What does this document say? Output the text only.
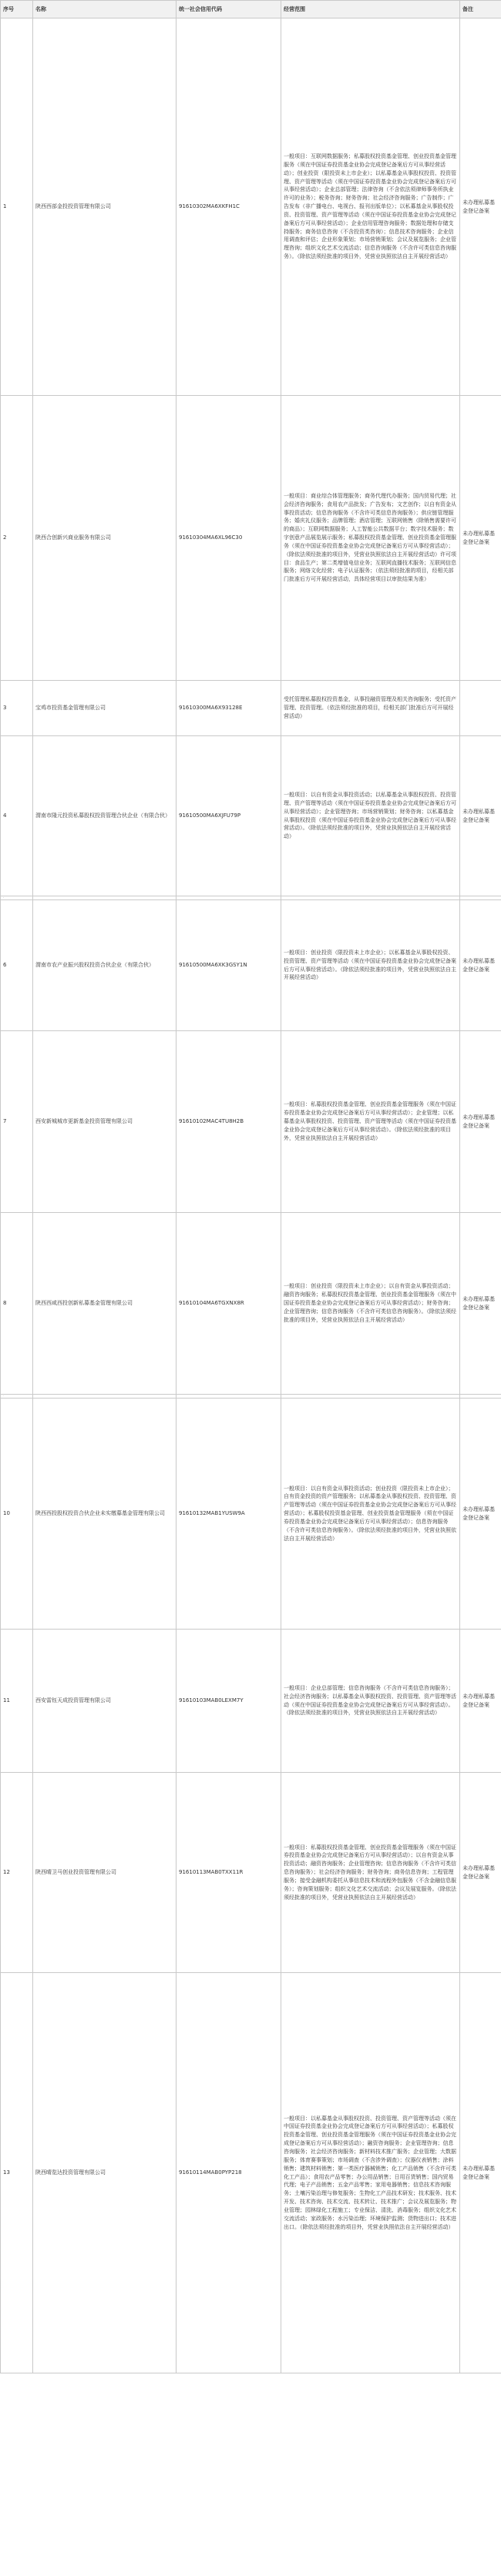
序号	名称	统一社会信用代码	经营范围	备注
1	陕西西部金投投资管理有限公司	91610302MA6XKFH1C	一般项目：互联网数据服务；私募股权投资基金管理、创业投资基金管理服务（须在中国证券投资基金业协会完成登记备案后方可从事经营活动）；创业投资（限投资未上市企业）；以私募基金从事股权投资、投资管理、资产管理等活动（须在中国证券投资基金业协会完成登记备案后方可从事经营活动）；企业总部管理；法律咨询（不含依法须律师事务所执业许可的业务）；税务咨询；财务咨询；社会经济咨询服务；广告制作；广告发布（非广播电台、电视台、报刊出版单位）；以私募基金从事股权投资、投资管理、资产管理等活动（须在中国证券投资基金业协会完成登记备案后方可从事经营活动）；企业信用管理咨询服务；数据处理和存储支持服务；商务信息咨询（不含投资类咨询）；信息技术咨询服务；企业信用调查和评估；企业形象策划；市场营销策划；会议及展览服务；企业管理咨询；组织文化艺术交流活动；信息咨询服务（不含许可类信息咨询服务）。（除依法须经批准的项目外，凭营业执照依法自主开展经营活动）	未办理私募基金登记备案
2	陕西合创新兴商业服务有限公司	91610304MA6XL96C30	一般项目：商业综合体管理服务；商务代理代办服务；国内贸易代理；社会经济咨询服务；食用农产品批发；广告发布；文艺创作；以自有资金从事投资活动；信息咨询服务（不含许可类信息咨询服务）；供应链管理服务；婚庆礼仪服务；品牌管理；酒店管理；互联网销售（除销售需要许可的商品）；互联网数据服务；人工智能公共数据平台；数字技术服务；数字创意产品展览展示服务；私募股权投资基金管理、创业投资基金管理服务（须在中国证券投资基金业协会完成登记备案后方可从事经营活动）；（除依法须经批准的项目外，凭营业执照依法自主开展经营活动）许可项目：食品生产；第二类增值电信业务；互联网直播技术服务；互联网信息服务；网络文化经营；电子认证服务；（依法须经批准的项目，经相关部门批准后方可开展经营活动，具体经营项目以审批结果为准）	未办理私募基金登记备案
3	宝鸡市投资基金管理有限公司	91610300MA6X93128E	受托管理私募股权投资基金，从事投融资管理及相关咨询服务；受托资产管理、投资管理。（依法须经批准的项目，经相关部门批准后方可开展经营活动）	

4	渭南市隆元投资私募股权投资管理合伙企业（有限合伙）	91610500MA6XJFU79P	一般项目：以自有资金从事投资活动；以私募基金从事股权投资、投资管理、资产管理等活动（须在中国证券投资基金业协会完成登记备案后方可从事经营活动）；企业管理咨询；市场营销策划；财务咨询；以私募基金从事股权投资（须在中国证券投资基金业协会完成登记备案后方可从事经营活动）。（除依法须经批准的项目外，凭营业执照依法自主开展经营活动）	未办理私募基金登记备案
5			

6	渭南市农产业振兴股权投资合伙企业（有限合伙）	91610500MA6XK3GSY1N	一般项目：创业投资（限投资未上市企业）；以私募基金从事股权投资、投资管理、资产管理等活动（须在中国证券投资基金业协会完成登记备案后方可从事经营活动）。（除依法须经批准的项目外，凭营业执照依法自主开展经营活动）	未办理私募基金登记备案
7	西安新城城市更新基金投资管理有限公司	91610102MAC4TU8H2B	一般项目：私募股权投资基金管理、创业投资基金管理服务（须在中国证券投资基金业协会完成登记备案后方可从事经营活动）；企业管理；以私募基金从事股权投资、投资管理、资产管理等活动（须在中国证券投资基金业协会完成登记备案后方可从事经营活动）。（除依法须经批准的项目外，凭营业执照依法自主开展经营活动）	未办理私募基金登记备案
8	陕西西咸西投创新私募基金管理有限公司	91610104MA6TGXNX8R	一般项目：创业投资（限投资未上市企业）；以自有资金从事投资活动；融资咨询服务；私募股权投资基金管理、创业投资基金管理服务（须在中国证券投资基金业协会完成登记备案后方可从事经营活动）；财务咨询；企业管理咨询；信息咨询服务（不含许可类信息咨询服务）。（除依法须经批准的项目外，凭营业执照依法自主开展经营活动）	未办理私募基金登记备案
9			

10	陕西西投股权投资合伙企业未实缴募基金管理有限公司	91610132MAB1YUSW9A	一般项目：以自有资金从事投资活动；创业投资（限投资未上市企业）；自有资金投资的资产管理服务；以私募基金从事股权投资、投资管理、资产管理等活动（须在中国证券投资基金业协会完成登记备案后方可从事经营活动）；私募股权投资基金管理、创业投资基金管理服务（须在中国证券投资基金业协会完成登记备案后方可从事经营活动）；信息咨询服务（不含许可类信息咨询服务）。（除依法须经批准的项目外，凭营业执照依法自主开展经营活动）	未办理私募基金登记备案
11	西安雷钰天成投资管理有限公司	91610103MAB0LEXM7Y	一般项目：企业总部管理；信息咨询服务（不含许可类信息咨询服务）；社会经济咨询服务；以私募基金从事股权投资、投资管理、资产管理等活动（须在中国证券投资基金业协会完成登记备案后方可从事经营活动）。（除依法须经批准的项目外，凭营业执照依法自主开展经营活动）	未办理私募基金登记备案
12	陕西晴卫马创业投资管理有限公司	91610113MAB0TXX11R	一般项目：私募股权投资基金管理、创业投资基金管理服务（须在中国证券投资基金业协会完成登记备案后方可从事经营活动）；以自有资金从事投资活动；融资咨询服务；企业管理咨询；信息咨询服务（不含许可类信息咨询服务）；社会经济咨询服务；财务咨询；商务信息咨询；工程管理服务；接受金融机构委托从事信息技术和流程外包服务（不含金融信息服务）；咨询策划服务；组织文化艺术交流活动；会议及展览服务。（除依法须经批准的项目外，凭营业执照依法自主开展经营活动）	未办理私募基金登记备案
13	陕西晴览达投资管理有限公司	91610114MAB0PYP218	一般项目：以私募基金从事股权投资、投资管理、资产管理等活动（须在中国证券投资基金业协会完成登记备案后方可从事经营活动）；私募股权投资基金管理、创业投资基金管理服务（须在中国证券投资基金业协会完成登记备案后方可从事经营活动）；融资咨询服务；企业管理咨询；信息咨询服务；社会经济咨询服务；新材料技术推广服务；企业管理；大数据服务；体育赛事策划；市场调查（不含涉外调查）；仪器仪表销售；涂料销售；建筑材料销售；第一类医疗器械销售；化工产品销售（不含许可类化工产品）；食用农产品零售；办公用品销售；日用百货销售；国内贸易代理；电子产品销售；五金产品零售；家用电器销售；信息技术咨询服务；土壤污染治理与修复服务；生物化工产品技术研发；技术服务、技术开发、技术咨询、技术交流、技术转让、技术推广；会议及展览服务；物业管理；园林绿化工程施工；专业保洁、清洗、消毒服务；组织文化艺术交流活动；家政服务；水污染治理；环境保护监测；货物进出口；技术进出口。（除依法须经批准的项目外，凭营业执照依法自主开展经营活动）	未办理私募基金登记备案
